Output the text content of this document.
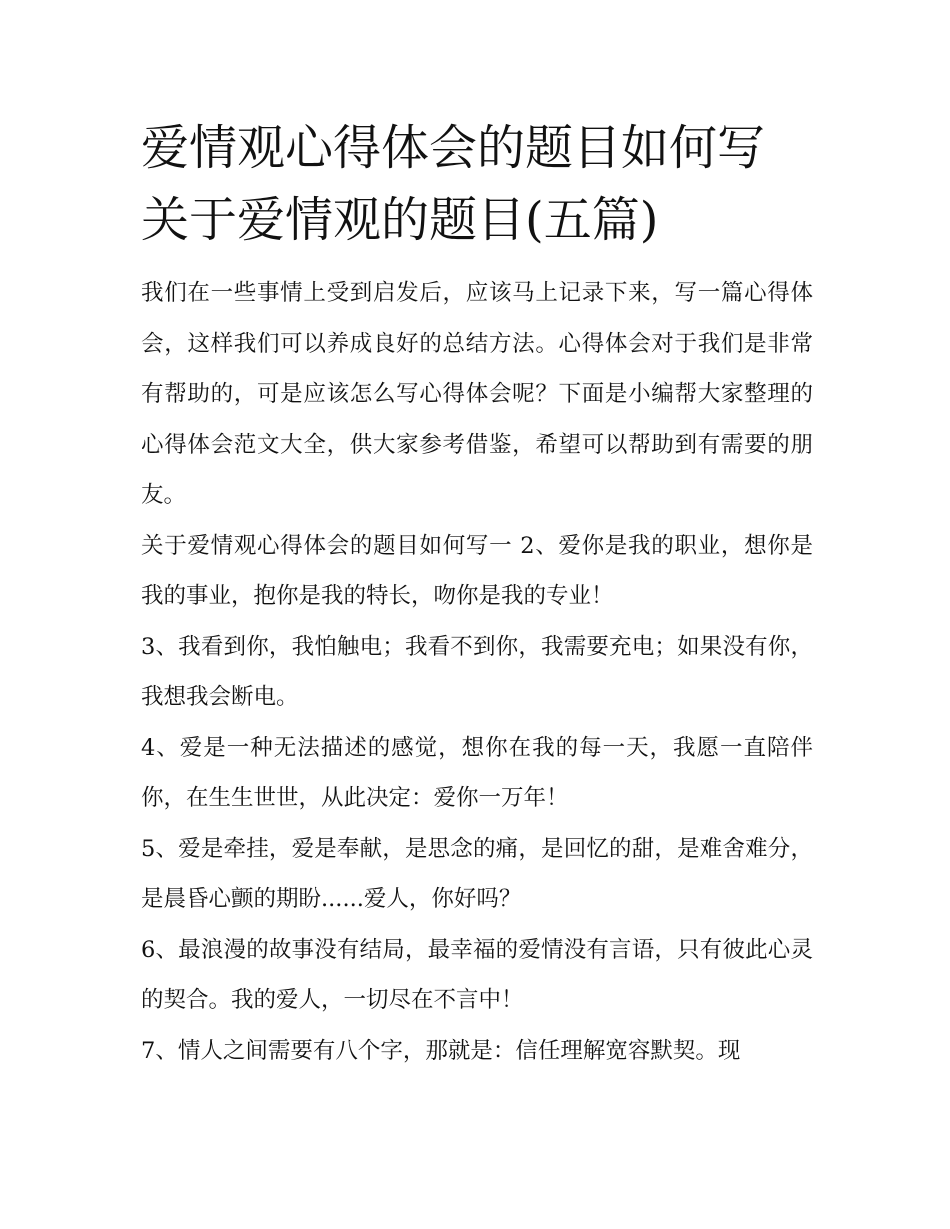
爱情观心得体会的题目如何写
关于爱情观的题目(五篇)

我们在一些事情上受到启发后，应该马上记录下来，写一篇心得体会，这样我们可以养成良好的总结方法。心得体会对于我们是非常有帮助的，可是应该怎么写心得体会呢？下面是小编帮大家整理的心得体会范文大全，供大家参考借鉴，希望可以帮助到有需要的朋友。

关于爱情观心得体会的题目如何写一 2、爱你是我的职业，想你是我的事业，抱你是我的特长，吻你是我的专业！

3、我看到你，我怕触电；我看不到你，我需要充电；如果没有你，我想我会断电。

4、爱是一种无法描述的感觉，想你在我的每一天，我愿一直陪伴你，在生生世世，从此决定：爱你一万年！

5、爱是牵挂，爱是奉献，是思念的痛，是回忆的甜，是难舍难分，是晨昏心颤的期盼......爱人，你好吗？

6、最浪漫的故事没有结局，最幸福的爱情没有言语，只有彼此心灵的契合。我的爱人，一切尽在不言中！

7、情人之间需要有八个字，那就是：信任理解宽容默契。现
